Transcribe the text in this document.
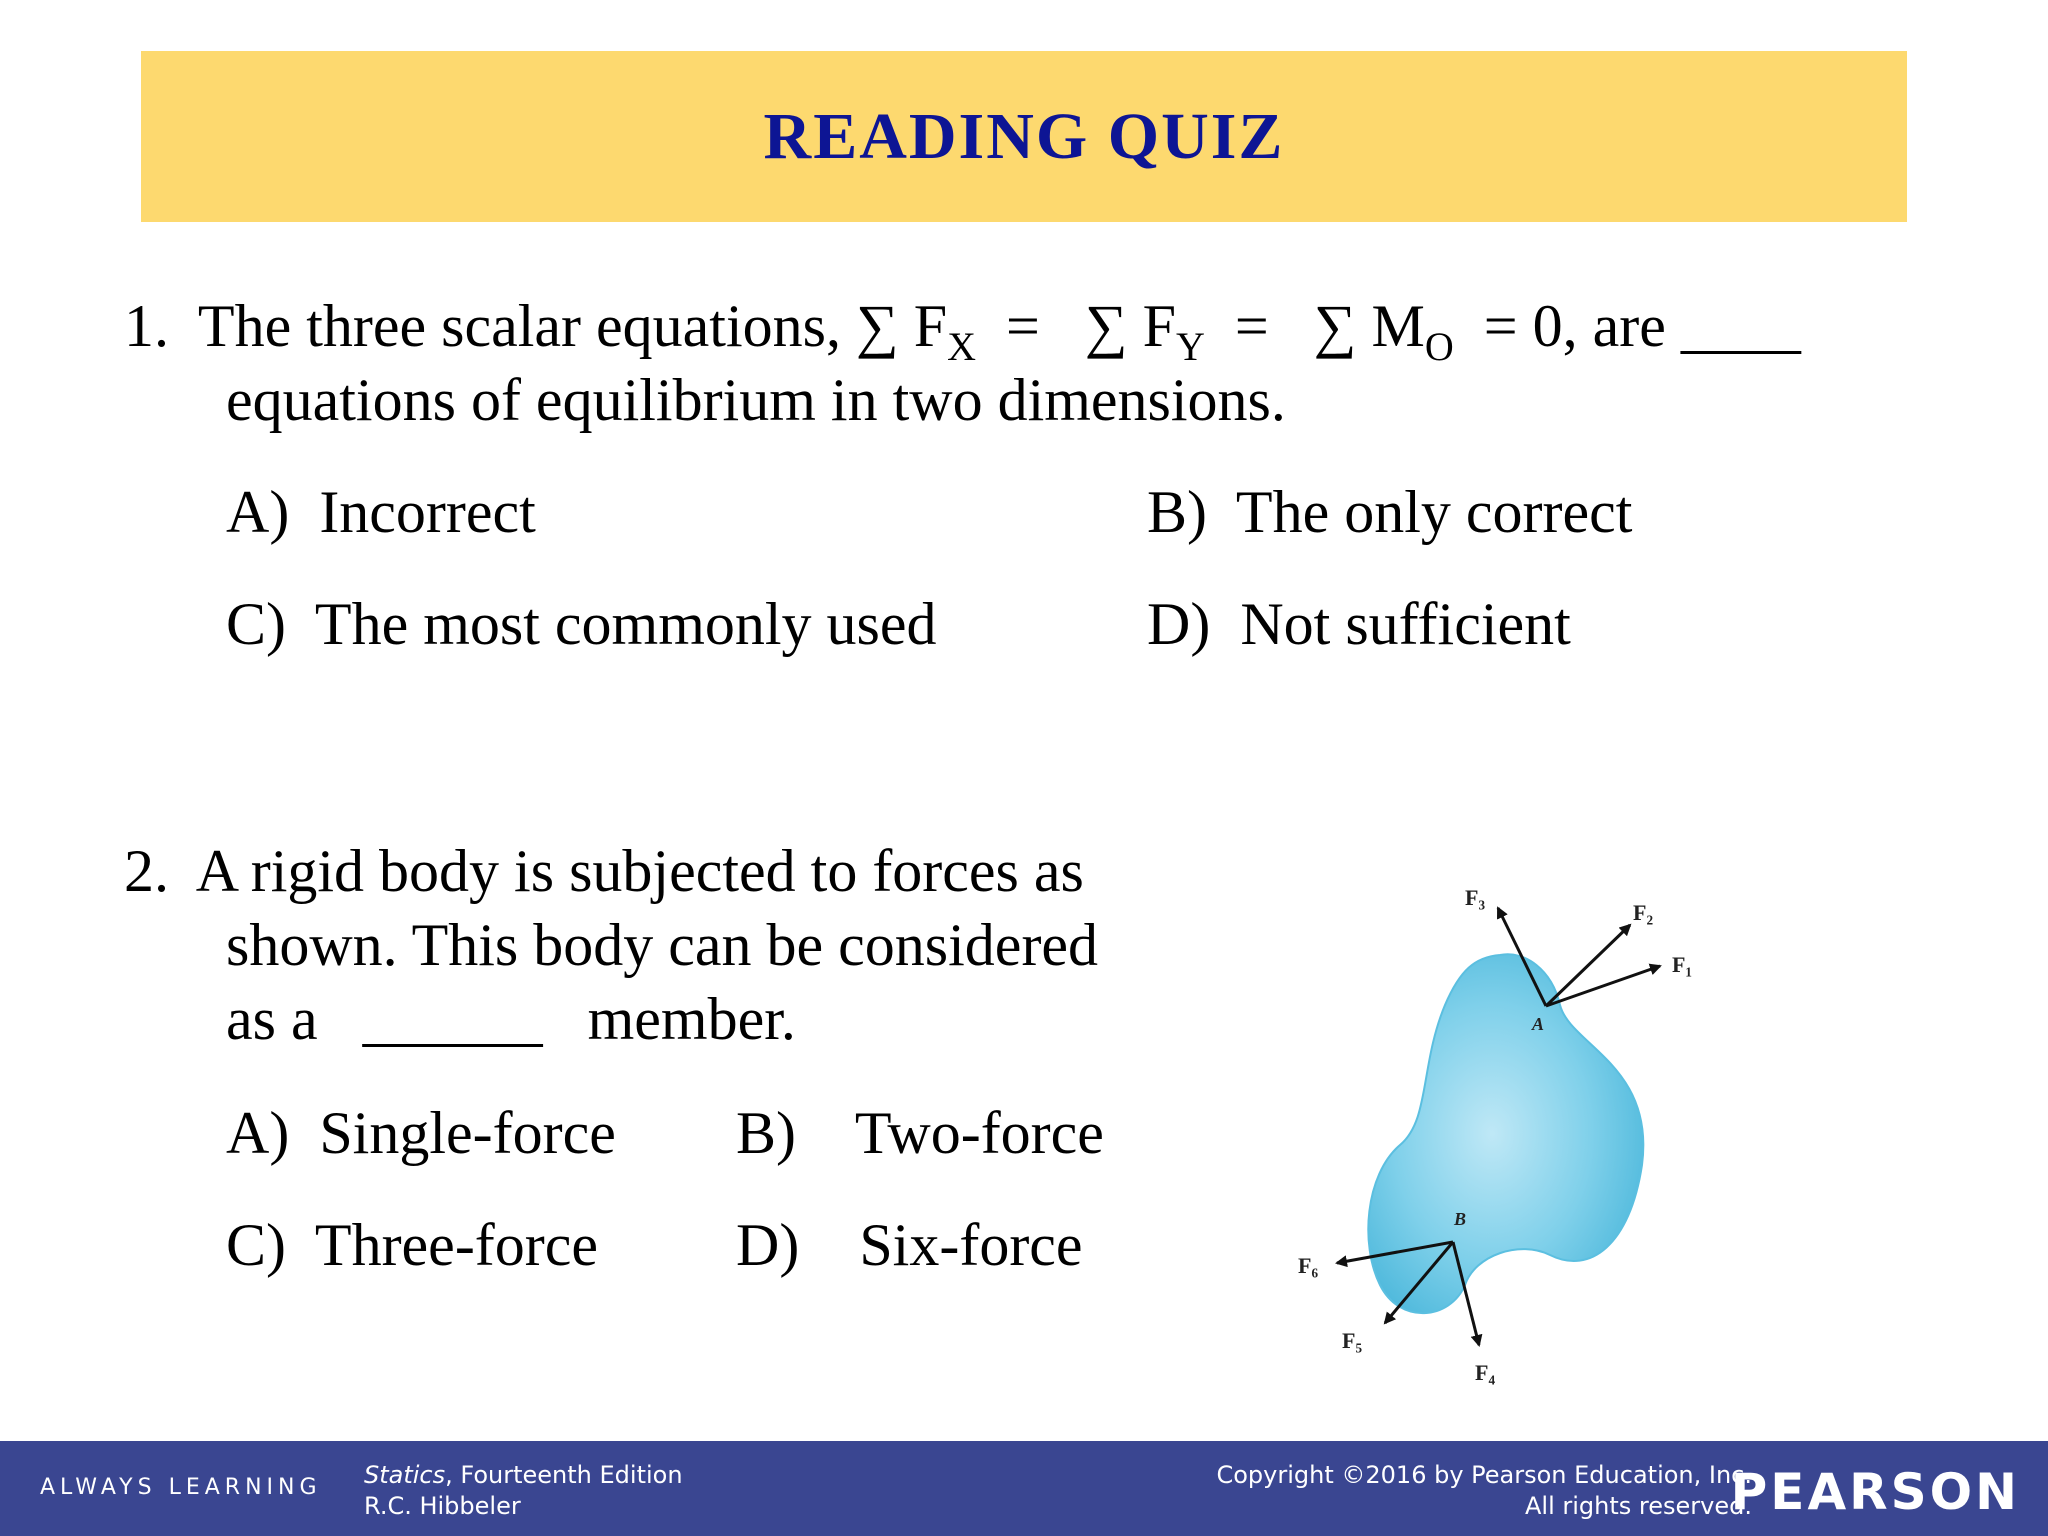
READING QUIZ
1. The three scalar equations, ∑ $F_X$ = ∑ $F_Y$ = ∑ $M_O = 0$, are ____
equations of equilibrium in two dimensions.
A) Incorrect	B) The only correct
C) The most commonly used	D) Not sufficient
2. A rigid body is subjected to forces as
shown. This body can be considered
as a ______ member.
A) Single-force B) Two-force
C) Three-force D) Six-force
A
B
F₃
F₂
F₁
F₆
F₅
F₄
ALWAYS LEARNING Statics, Fourteenth Edition
R.C. Hibbeler
Copyright ©2016 by Pearson Education, Inc.
All rights reserved.
PEARSON
